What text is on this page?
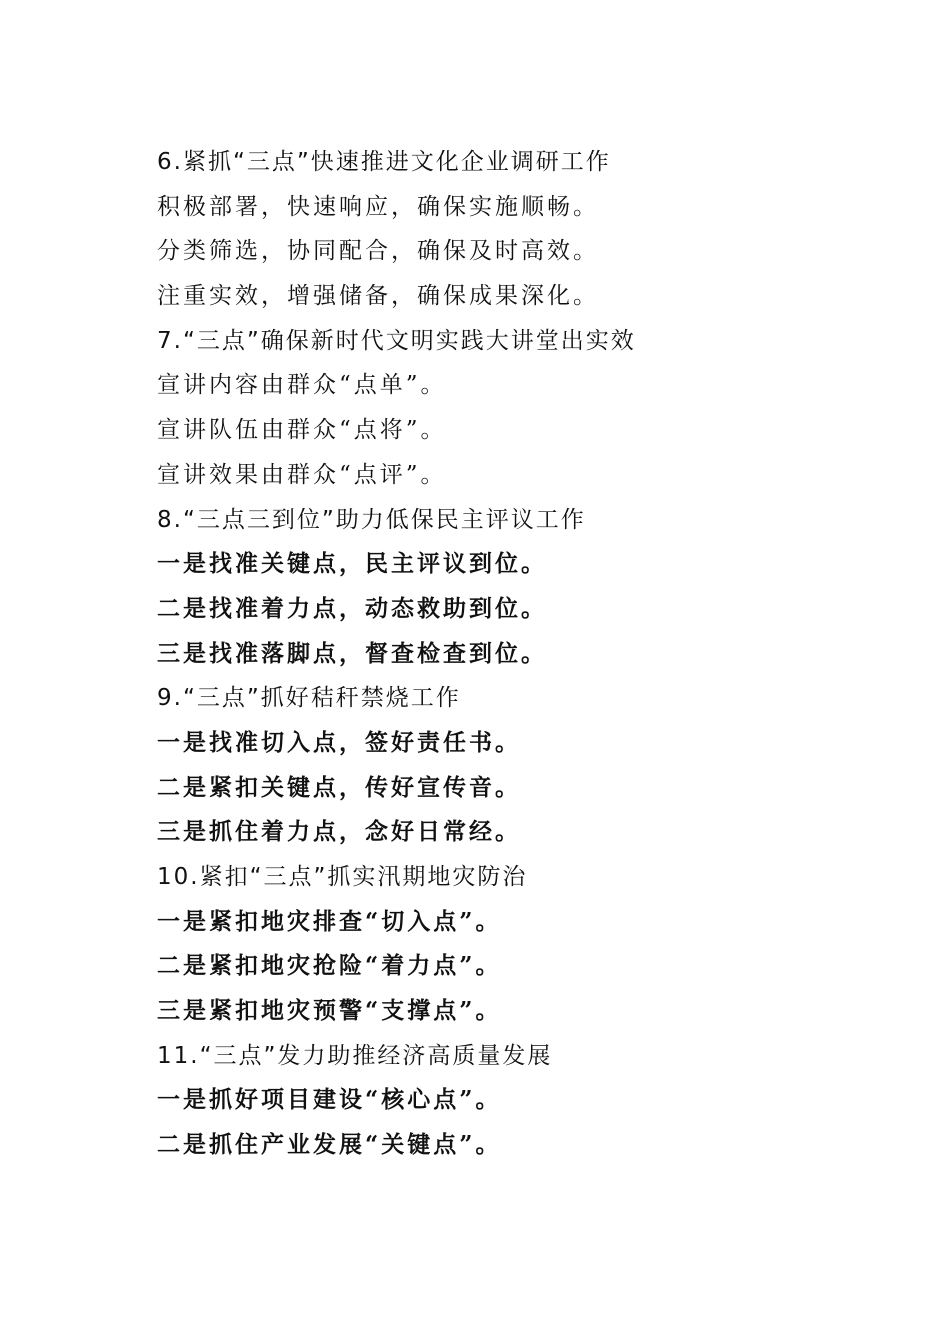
6.紧抓“三点”快速推进文化企业调研工作
积极部署，快速响应，确保实施顺畅。
分类筛选，协同配合，确保及时高效。
注重实效，增强储备，确保成果深化。
7.“三点”确保新时代文明实践大讲堂出实效
宣讲内容由群众“点单”。
宣讲队伍由群众“点将”。
宣讲效果由群众“点评”。
8.“三点三到位”助力低保民主评议工作
一是找准关键点，民主评议到位。
二是找准着力点，动态救助到位。
三是找准落脚点，督查检查到位。
9.“三点”抓好秸秆禁烧工作
一是找准切入点，签好责任书。
二是紧扣关键点，传好宣传音。
三是抓住着力点，念好日常经。
10.紧扣“三点”抓实汛期地灾防治
一是紧扣地灾排查“切入点”。
二是紧扣地灾抢险“着力点”。
三是紧扣地灾预警“支撑点”。
11.“三点”发力助推经济高质量发展
一是抓好项目建设“核心点”。
二是抓住产业发展“关键点”。
